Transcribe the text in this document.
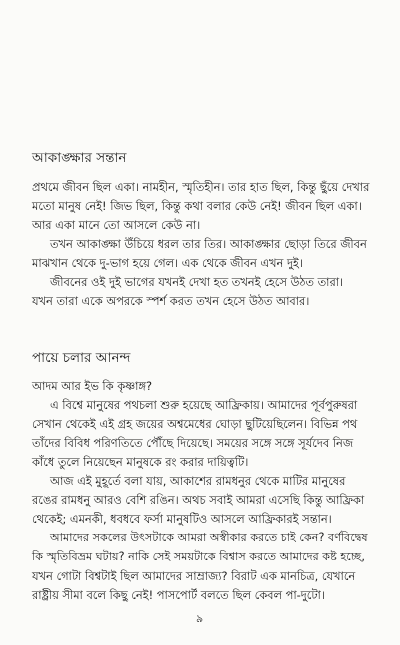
আকাঙ্ক্ষার সন্তান
প্রথমে জীবন ছিল একা। নামহীন, স্মৃতিহীন। তার হাত ছিল, কিন্তু ছুঁয়ে দেখার
মতো মানুষ নেই! জিভ ছিল, কিন্তু কথা বলার কেউ নেই! জীবন ছিল একা।
আর একা মানে তো আসলে কেউ না।
তখন আকাঙ্ক্ষা উঁচিয়ে ধরল তার তির। আকাঙ্ক্ষার ছোড়া তিরে জীবন
মাঝখান থেকে দু-ভাগ হয়ে গেল। এক থেকে জীবন এখন দুই।
জীবনের ওই দুই ভাগের যখনই দেখা হত তখনই হেসে উঠত তারা।
যখন তারা একে অপরকে স্পর্শ করত তখন হেসে উঠত আবার।
পায়ে চলার আনন্দ
আদম আর ইভ কি কৃষ্ণাঙ্গ?
এ বিশ্বে মানুষের পথচলা শুরু হয়েছে আফ্রিকায়। আমাদের পূর্বপুরুষরা
সেখান থেকেই এই গ্রহ জয়ের অশ্বমেধের ঘোড়া ছুটিয়েছিলেন। বিভিন্ন পথ
তাঁদের বিবিধ পরিণতিতে পৌঁছে দিয়েছে। সময়ের সঙ্গে সঙ্গে সূর্যদেব নিজ
কাঁধে তুলে নিয়েছেন মানুষকে রং করার দায়িত্বটি।
আজ এই মুহূর্তে বলা যায়, আকাশের রামধনুর থেকে মাটির মানুষের
রঙের রামধনু আরও বেশি রঙিন। অথচ সবাই আমরা এসেছি কিন্তু আফ্রিকা
থেকেই; এমনকী, ধবধবে ফর্সা মানুষটিও আসলে আফ্রিকারই সন্তান।
আমাদের সকলের উৎসটাকে আমরা অস্বীকার করতে চাই কেন? বর্ণবিদ্বেষ
কি স্মৃতিবিভ্রম ঘটায়? নাকি সেই সময়টাকে বিশ্বাস করতে আমাদের কষ্ট হচ্ছে,
যখন গোটা বিশ্বটাই ছিল আমাদের সাম্রাজ্য? বিরাট এক মানচিত্র, যেখানে
রাষ্ট্রীয় সীমা বলে কিছু নেই! পাসপোর্ট বলতে ছিল কেবল পা-দুটো।
৯
